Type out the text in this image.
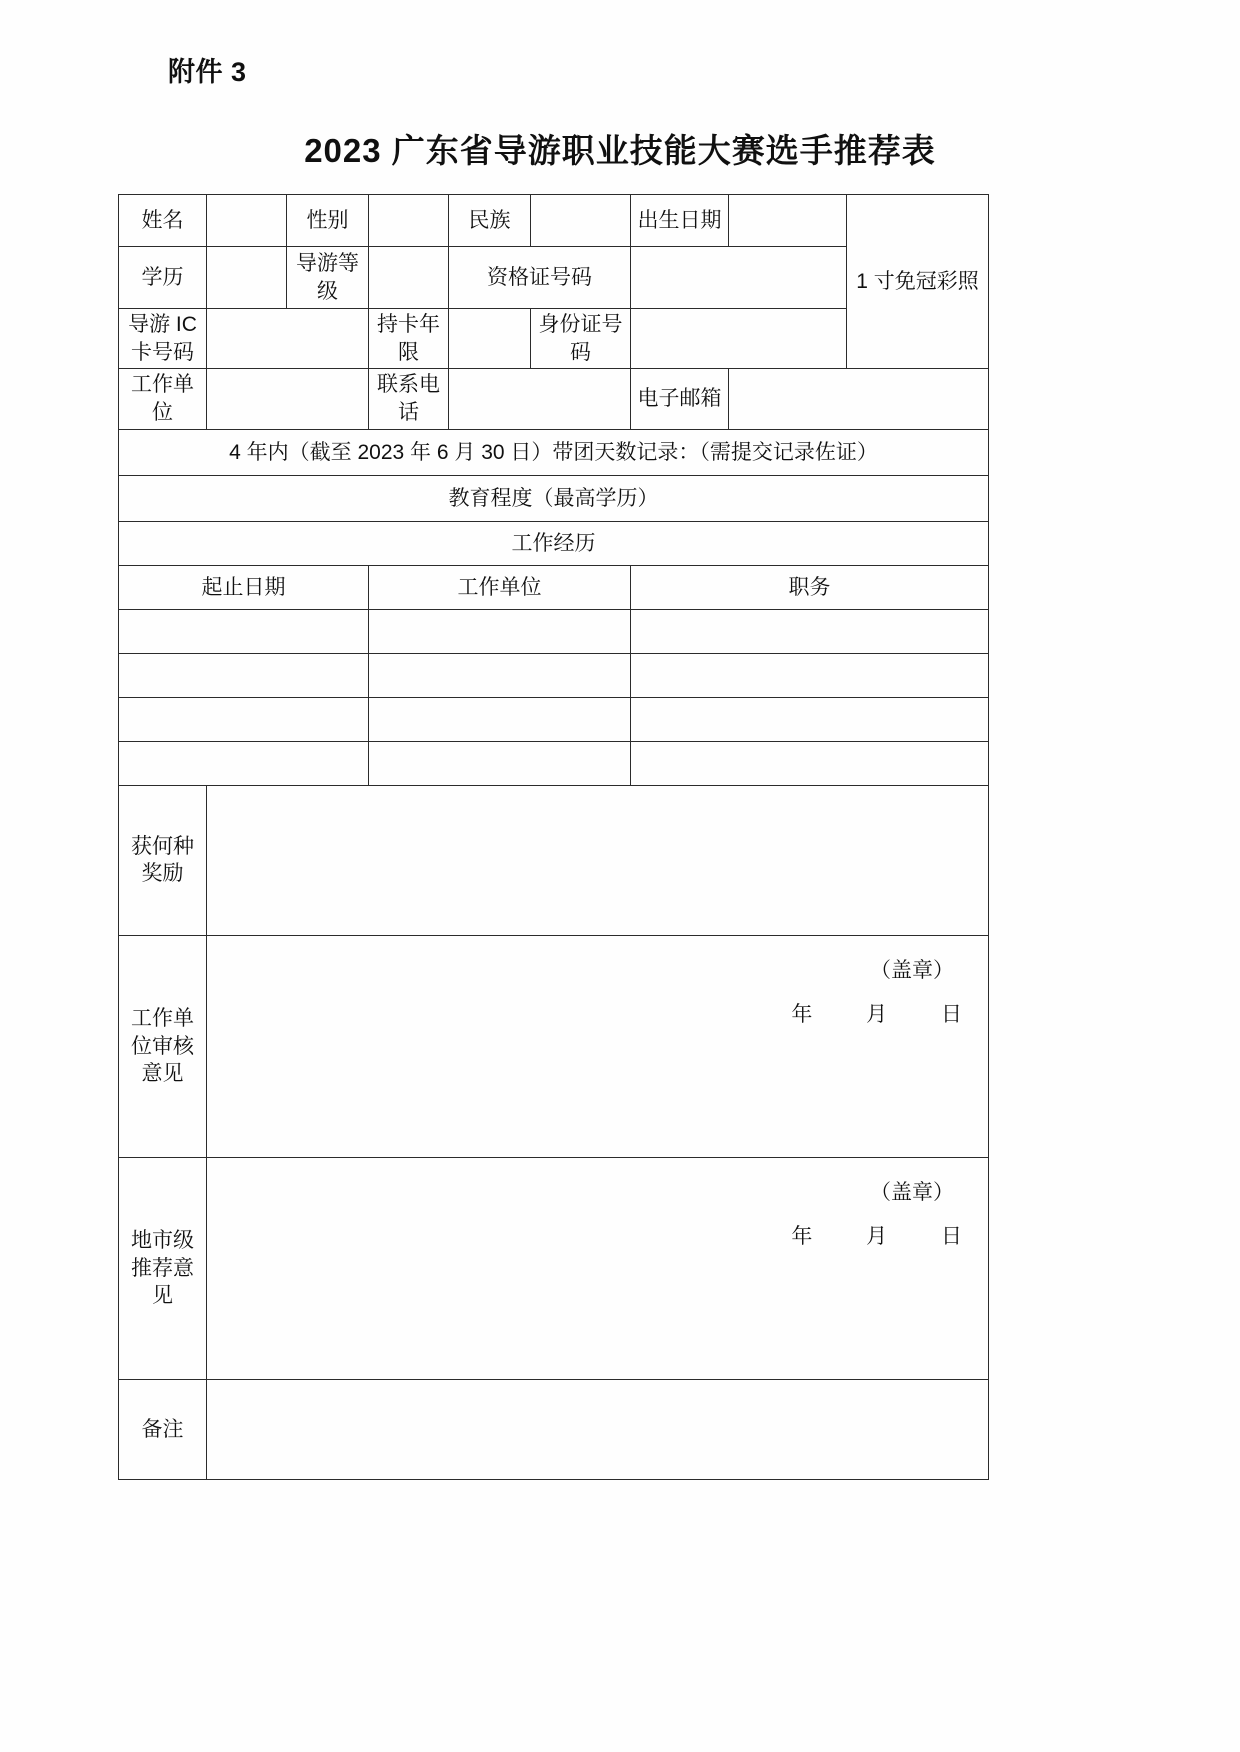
附件 3
2023 广东省导游职业技能大赛选手推荐表
姓名		性别		民族		出生日期		1 寸免冠彩照
学历		导游等级		资格证号码				
导游 IC 卡号码			持卡年限		身份证号码			
工作单位			联系电话			电子邮箱		
4 年内（截至 2023 年 6 月 30 日）带团天数记录：（需提交记录佐证）								
教育程度（最高学历）								
工作经历								
起止日期			工作单位			职务		

获何种奖励								
工作单位审核意见	（盖章）
年 月 日							

地市级推荐意见	（盖章）
年 月 日							

备注								
